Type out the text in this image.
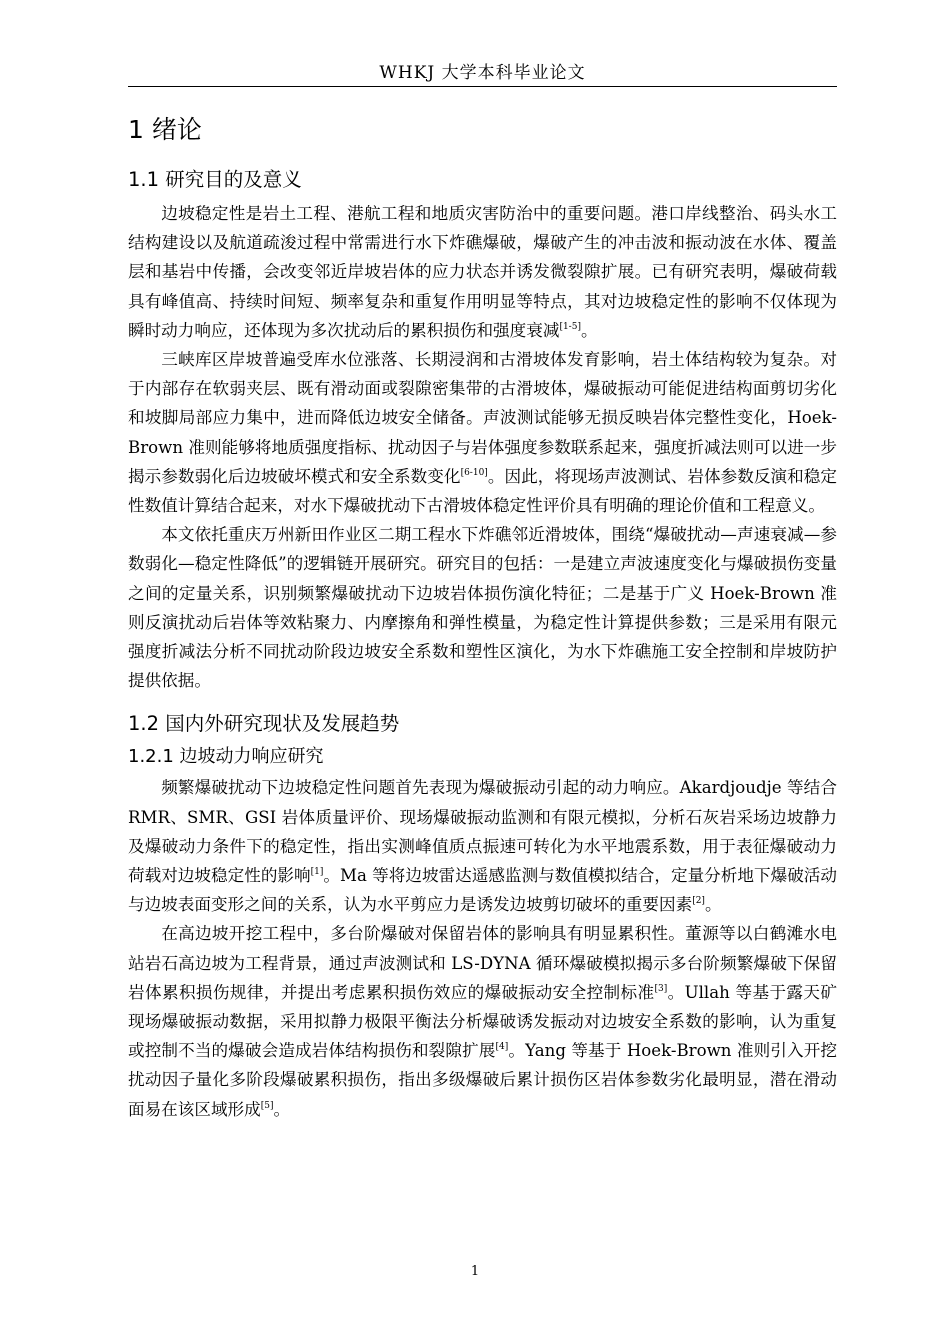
WHKJ 大学本科毕业论文
1 绪论
1.1 研究目的及意义

边坡稳定性是岩土工程、港航工程和地质灾害防治中的重要问题。港口岸线整治、码头水工结构建设以及航道疏浚过程中常需进行水下炸礁爆破，爆破产生的冲击波和振动波在水体、覆盖层和基岩中传播，会改变邻近岸坡岩体的应力状态并诱发微裂隙扩展。已有研究表明，爆破荷载具有峰值高、持续时间短、频率复杂和重复作用明显等特点，其对边坡稳定性的影响不仅体现为瞬时动力响应，还体现为多次扰动后的累积损伤和强度衰减[1-5]。

三峡库区岸坡普遍受库水位涨落、长期浸润和古滑坡体发育影响，岩土体结构较为复杂。对于内部存在软弱夹层、既有滑动面或裂隙密集带的古滑坡体，爆破振动可能促进结构面剪切劣化和坡脚局部应力集中，进而降低边坡安全储备。声波测试能够无损反映岩体完整性变化，Hoek-Brown 准则能够将地质强度指标、扰动因子与岩体强度参数联系起来，强度折减法则可以进一步揭示参数弱化后边坡破坏模式和安全系数变化[6-10]。因此，将现场声波测试、岩体参数反演和稳定性数值计算结合起来，对水下爆破扰动下古滑坡体稳定性评价具有明确的理论价值和工程意义。

本文依托重庆万州新田作业区二期工程水下炸礁邻近滑坡体，围绕“爆破扰动—声速衰减—参数弱化—稳定性降低”的逻辑链开展研究。研究目的包括：一是建立声波速度变化与爆破损伤变量之间的定量关系，识别频繁爆破扰动下边坡岩体损伤演化特征；二是基于广义 Hoek-Brown 准则反演扰动后岩体等效粘聚力、内摩擦角和弹性模量，为稳定性计算提供参数；三是采用有限元强度折减法分析不同扰动阶段边坡安全系数和塑性区演化，为水下炸礁施工安全控制和岸坡防护提供依据。

1.2 国内外研究现状及发展趋势
1.2.1 边坡动力响应研究

频繁爆破扰动下边坡稳定性问题首先表现为爆破振动引起的动力响应。Akardjoudje 等结合 RMR、SMR、GSI 岩体质量评价、现场爆破振动监测和有限元模拟，分析石灰岩采场边坡静力及爆破动力条件下的稳定性，指出实测峰值质点振速可转化为水平地震系数，用于表征爆破动力荷载对边坡稳定性的影响[1]。Ma 等将边坡雷达遥感监测与数值模拟结合，定量分析地下爆破活动与边坡表面变形之间的关系，认为水平剪应力是诱发边坡剪切破坏的重要因素[2]。

在高边坡开挖工程中，多台阶爆破对保留岩体的影响具有明显累积性。董源等以白鹤滩水电站岩石高边坡为工程背景，通过声波测试和 LS-DYNA 循环爆破模拟揭示多台阶频繁爆破下保留岩体累积损伤规律，并提出考虑累积损伤效应的爆破振动安全控制标准[3]。Ullah 等基于露天矿现场爆破振动数据，采用拟静力极限平衡法分析爆破诱发振动对边坡安全系数的影响，认为重复或控制不当的爆破会造成岩体结构损伤和裂隙扩展[4]。Yang 等基于 Hoek-Brown 准则引入开挖扰动因子量化多阶段爆破累积损伤，指出多级爆破后累计损伤区岩体参数劣化最明显，潜在滑动面易在该区域形成[5]。

1
